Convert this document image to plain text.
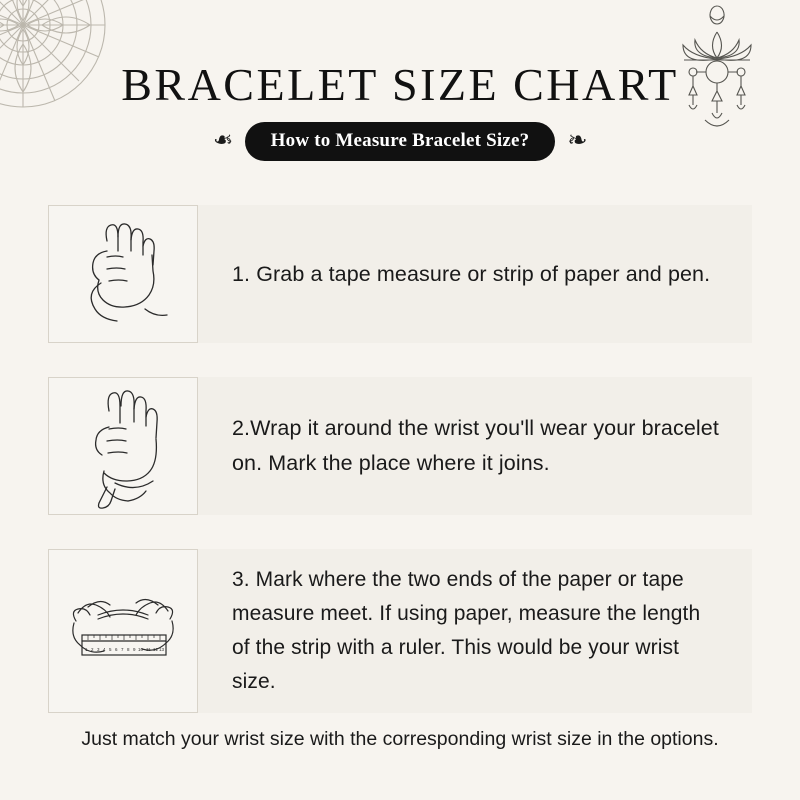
BRACELET SIZE CHART
❧	How to Measure Bracelet Size?	❧
1. Grab a tape measure or strip of paper and pen.
2.Wrap it around the wrist you'll wear your bracelet on. Mark the place where it joins.
1 2 3 4 5 6 7 8 9 10 11 12 13
3. Mark where the two ends of the paper or tape measure meet. If using paper, measure the length of the strip with a ruler. This would be your wrist size.
Just match your wrist size with the corresponding wrist size in the options.
